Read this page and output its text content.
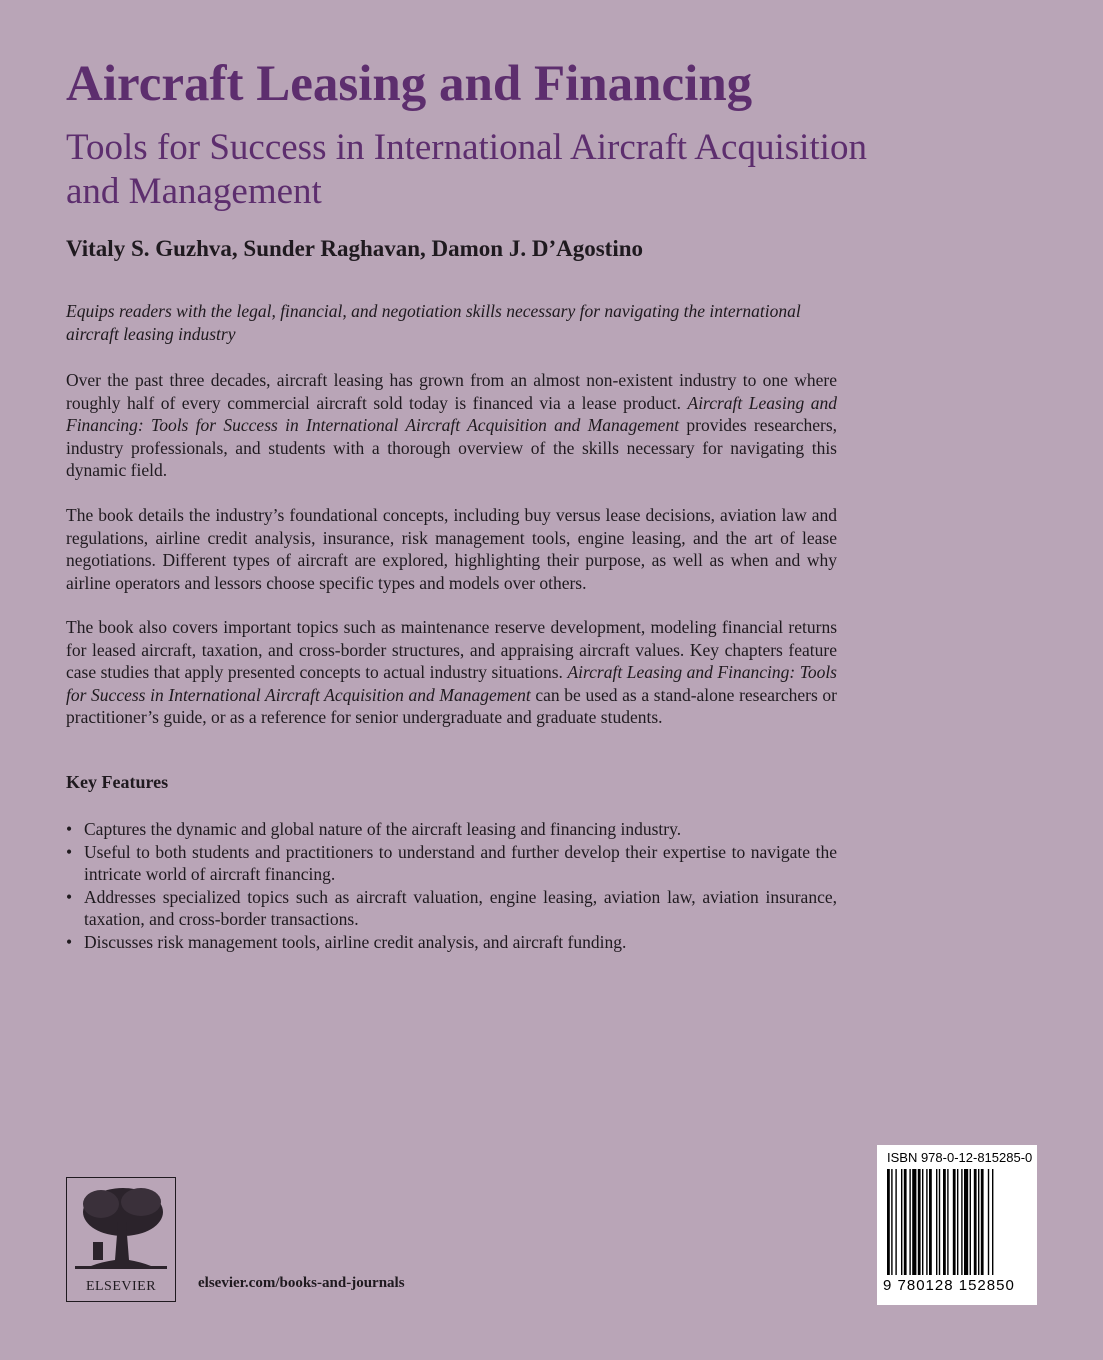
Aircraft Leasing and Financing
Tools for Success in International Aircraft Acquisition and Management
Vitaly S. Guzhva, Sunder Raghavan, Damon J. D’Agostino

Equips readers with the legal, financial, and negotiation skills necessary for navigating the international aircraft leasing industry

Over the past three decades, aircraft leasing has grown from an almost non-existent industry to one where roughly half of every commercial aircraft sold today is financed via a lease product. Aircraft Leasing and Financing: Tools for Success in International Aircraft Acquisition and Management provides researchers, industry professionals, and students with a thorough overview of the skills necessary for navigating this dynamic field.

The book details the industry’s foundational concepts, including buy versus lease decisions, aviation law and regulations, airline credit analysis, insurance, risk management tools, engine leasing, and the art of lease negotiations. Different types of aircraft are explored, highlighting their purpose, as well as when and why airline operators and lessors choose specific types and models over others.

The book also covers important topics such as maintenance reserve development, modeling financial returns for leased aircraft, taxation, and cross-border structures, and appraising aircraft values. Key chapters feature case studies that apply presented concepts to actual industry situations. Aircraft Leasing and Financing: Tools for Success in International Aircraft Acquisition and Management can be used as a stand-alone researchers or practitioner’s guide, or as a reference for senior undergraduate and graduate students.

Key Features
• Captures the dynamic and global nature of the aircraft leasing and financing industry.
• Useful to both students and practitioners to understand and further develop their expertise to navigate the intricate world of aircraft financing.
• Addresses specialized topics such as aircraft valuation, engine leasing, aviation law, aviation insurance, taxation, and cross-border transactions.
• Discusses risk management tools, airline credit analysis, and aircraft funding.
ELSEVIER	elsevier.com/books-and-journals
ISBN 978-0-12-815285-0
9 780128 152850
